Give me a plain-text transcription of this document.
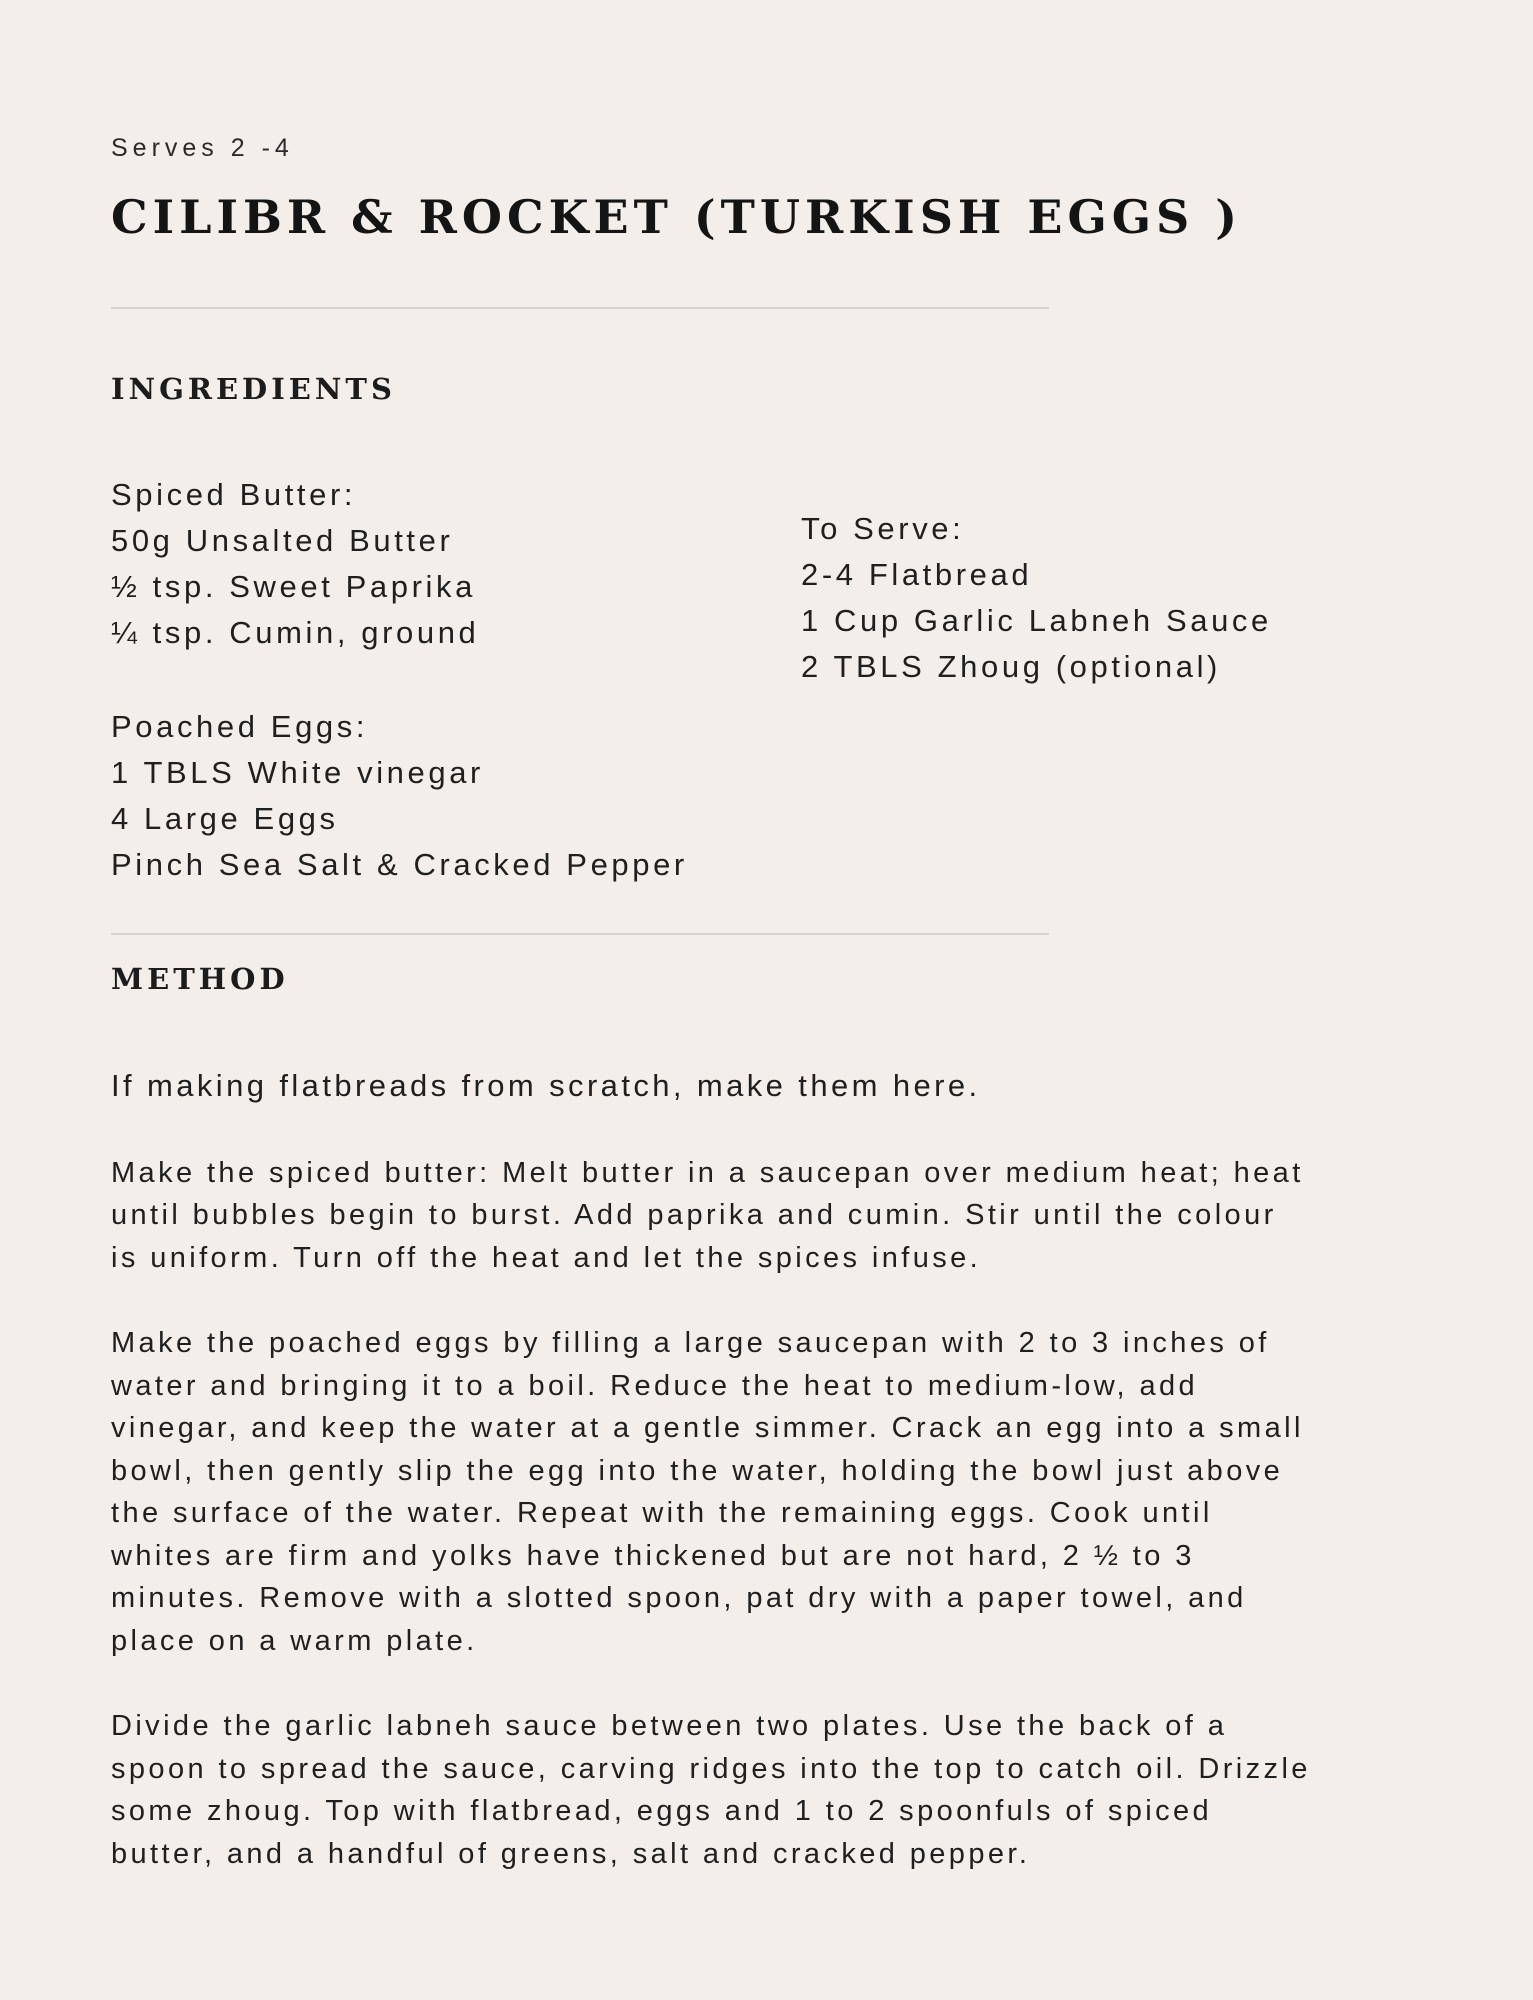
Serves 2 -4
CILIBR & ROCKET (TURKISH EGGS )
INGREDIENTS
Spiced Butter:
50g Unsalted Butter
½ tsp. Sweet Paprika
¼ tsp. Cumin, ground
Poached Eggs:
1 TBLS White vinegar
4 Large Eggs
Pinch Sea Salt & Cracked Pepper
To Serve:
2-4 Flatbread
1 Cup Garlic Labneh Sauce
2 TBLS Zhoug (optional)
METHOD

If making flatbreads from scratch, make them here.

Make the spiced butter: Melt butter in a saucepan over medium heat; heat
until bubbles begin to burst. Add paprika and cumin. Stir until the colour
is uniform. Turn off the heat and let the spices infuse.

Make the poached eggs by filling a large saucepan with 2 to 3 inches of
water and bringing it to a boil. Reduce the heat to medium-low, add
vinegar, and keep the water at a gentle simmer. Crack an egg into a small
bowl, then gently slip the egg into the water, holding the bowl just above
the surface of the water. Repeat with the remaining eggs. Cook until
whites are firm and yolks have thickened but are not hard, 2 ½ to 3
minutes. Remove with a slotted spoon, pat dry with a paper towel, and
place on a warm plate.

Divide the garlic labneh sauce between two plates. Use the back of a
spoon to spread the sauce, carving ridges into the top to catch oil. Drizzle
some zhoug. Top with flatbread, eggs and 1 to 2 spoonfuls of spiced
butter, and a handful of greens, salt and cracked pepper.
